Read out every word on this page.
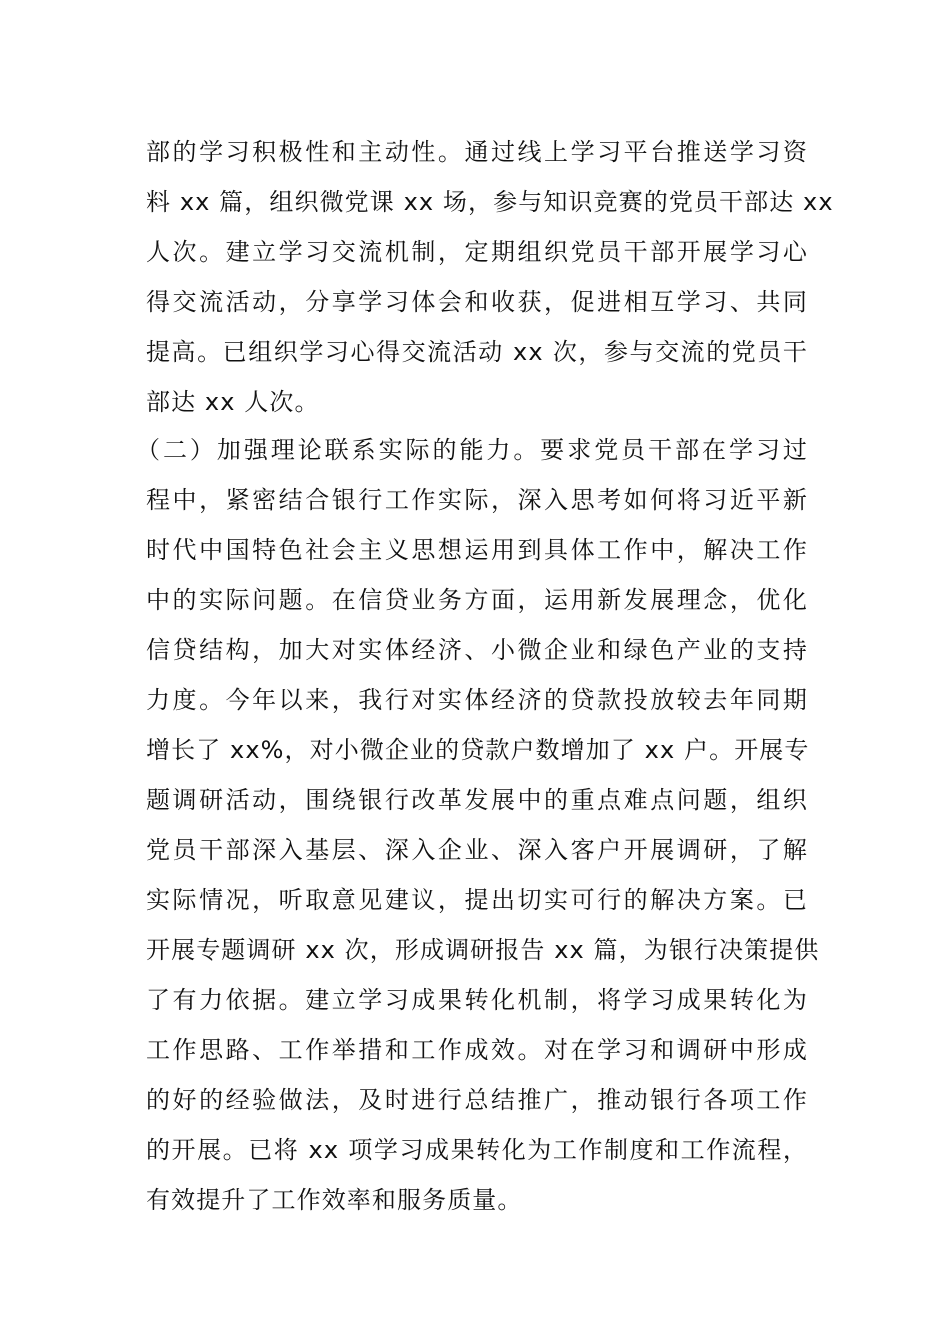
部的学习积极性和主动性。通过线上学习平台推送学习资
料 xx 篇，组织微党课 xx 场，参与知识竞赛的党员干部达 xx
人次。建立学习交流机制，定期组织党员干部开展学习心
得交流活动，分享学习体会和收获，促进相互学习、共同
提高。已组织学习心得交流活动 xx 次，参与交流的党员干
部达 xx 人次。
（二）加强理论联系实际的能力。要求党员干部在学习过
程中，紧密结合银行工作实际，深入思考如何将习近平新
时代中国特色社会主义思想运用到具体工作中，解决工作
中的实际问题。在信贷业务方面，运用新发展理念，优化
信贷结构，加大对实体经济、小微企业和绿色产业的支持
力度。今年以来，我行对实体经济的贷款投放较去年同期
增长了 xx%，对小微企业的贷款户数增加了 xx 户。开展专
题调研活动，围绕银行改革发展中的重点难点问题，组织
党员干部深入基层、深入企业、深入客户开展调研，了解
实际情况，听取意见建议，提出切实可行的解决方案。已
开展专题调研 xx 次，形成调研报告 xx 篇，为银行决策提供
了有力依据。建立学习成果转化机制，将学习成果转化为
工作思路、工作举措和工作成效。对在学习和调研中形成
的好的经验做法，及时进行总结推广，推动银行各项工作
的开展。已将 xx 项学习成果转化为工作制度和工作流程，
有效提升了工作效率和服务质量。
